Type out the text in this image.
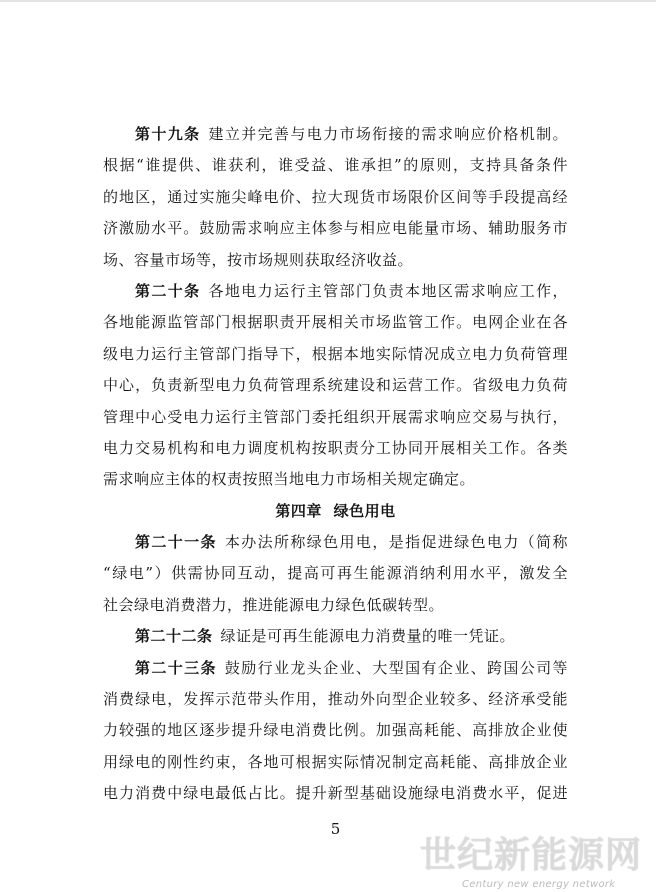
第十九条 建立并完善与电力市场衔接的需求响应价格机制。
根据“谁提供、谁获利，谁受益、谁承担”的原则，支持具备条件
的地区，通过实施尖峰电价、拉大现货市场限价区间等手段提高经
济激励水平。鼓励需求响应主体参与相应电能量市场、辅助服务市
场、容量市场等，按市场规则获取经济收益。
第二十条 各地电力运行主管部门负责本地区需求响应工作，
各地能源监管部门根据职责开展相关市场监管工作。电网企业在各
级电力运行主管部门指导下，根据本地实际情况成立电力负荷管理
中心，负责新型电力负荷管理系统建设和运营工作。省级电力负荷
管理中心受电力运行主管部门委托组织开展需求响应交易与执行，
电力交易机构和电力调度机构按职责分工协同开展相关工作。各类
需求响应主体的权责按照当地电力市场相关规定确定。
第四章 绿色用电
第二十一条 本办法所称绿色用电，是指促进绿色电力（简称
“绿电”）供需协同互动，提高可再生能源消纳利用水平，激发全
社会绿电消费潜力，推进能源电力绿色低碳转型。
第二十二条 绿证是可再生能源电力消费量的唯一凭证。
第二十三条 鼓励行业龙头企业、大型国有企业、跨国公司等
消费绿电，发挥示范带头作用，推动外向型企业较多、经济承受能
力较强的地区逐步提升绿电消费比例。加强高耗能、高排放企业使
用绿电的刚性约束，各地可根据实际情况制定高耗能、高排放企业
电力消费中绿电最低占比。提升新型基础设施绿电消费水平，促进
5
世纪新能源网
Century new energy network
